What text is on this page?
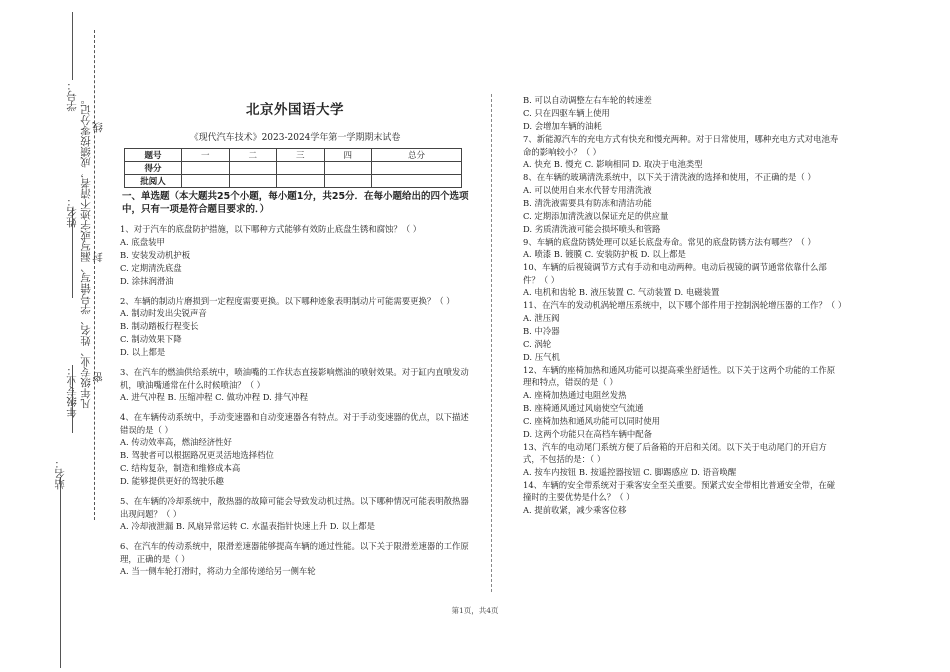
学号：
姓名：
年级专业：
站名：
凡年级专业、姓名、学号错写、漏写或字迹不清者，成绩按零分记。 密
封
线
北京外国语大学
《现代汽车技术》2023-2024学年第一学期期末试卷
题号	一	二	三	四	总分
得分					
批阅人					
一、单选题（本大题共25个小题，每小题1分，共25分．在每小题给出的四个选项中，只有一项是符合题目要求的．）
1、对于汽车的底盘防护措施，以下哪种方式能够有效防止底盘生锈和腐蚀？（ ）
A. 底盘装甲
B. 安装发动机护板
C. 定期清洗底盘
D. 涂抹润滑油
2、车辆的制动片磨损到一定程度需要更换。以下哪种迹象表明制动片可能需要更换？（ ）
A. 制动时发出尖锐声音
B. 制动踏板行程变长
C. 制动效果下降
D. 以上都是
3、在汽车的燃油供给系统中，喷油嘴的工作状态直接影响燃油的喷射效果。对于缸内直喷发动机，喷油嘴通常在什么时候喷油？（ ）
A. 进气冲程 B. 压缩冲程 C. 做功冲程 D. 排气冲程
4、在车辆传动系统中，手动变速器和自动变速器各有特点。对于手动变速器的优点，以下描述错误的是（ ）
A. 传动效率高，燃油经济性好
B. 驾驶者可以根据路况更灵活地选择档位
C. 结构复杂，制造和维修成本高
D. 能够提供更好的驾驶乐趣
5、在车辆的冷却系统中，散热器的故障可能会导致发动机过热。以下哪种情况可能表明散热器出现问题？（ ）
A. 冷却液泄漏 B. 风扇异常运转 C. 水温表指针快速上升 D. 以上都是
6、在汽车的传动系统中，限滑差速器能够提高车辆的通过性能。以下关于限滑差速器的工作原理，正确的是（ ）
A. 当一侧车轮打滑时，将动力全部传递给另一侧车轮
B. 可以自动调整左右车轮的转速差
C. 只在四驱车辆上使用
D. 会增加车辆的油耗
7、新能源汽车的充电方式有快充和慢充两种。对于日常使用，哪种充电方式对电池寿命的影响较小？（ ）
A. 快充 B. 慢充 C. 影响相同 D. 取决于电池类型
8、在车辆的玻璃清洗系统中，以下关于清洗液的选择和使用，不正确的是（ ）
A. 可以使用自来水代替专用清洗液
B. 清洗液需要具有防冻和清洁功能
C. 定期添加清洗液以保证充足的供应量
D. 劣质清洗液可能会损坏喷头和管路
9、车辆的底盘防锈处理可以延长底盘寿命。常见的底盘防锈方法有哪些？（ ）
A. 喷漆 B. 镀膜 C. 安装防护板 D. 以上都是
10、车辆的后视镜调节方式有手动和电动两种。电动后视镜的调节通常依靠什么部件？（ ）
A. 电机和齿轮 B. 液压装置 C. 气动装置 D. 电磁装置
11、在汽车的发动机涡轮增压系统中，以下哪个部件用于控制涡轮增压器的工作？（ ）
A. 泄压阀
B. 中冷器
C. 涡轮
D. 压气机
12、车辆的座椅加热和通风功能可以提高乘坐舒适性。以下关于这两个功能的工作原理和特点，错误的是（ ）
A. 座椅加热通过电阻丝发热
B. 座椅通风通过风扇使空气流通
C. 座椅加热和通风功能可以同时使用
D. 这两个功能只在高档车辆中配备
13、汽车的电动尾门系统方便了后备箱的开启和关闭。以下关于电动尾门的开启方式，不包括的是：（ ）
A. 按车内按钮 B. 按遥控器按钮 C. 脚踢感应 D. 语音唤醒
14、车辆的安全带系统对于乘客安全至关重要。预紧式安全带相比普通安全带，在碰撞时的主要优势是什么？（ ）
A. 提前收紧，减少乘客位移
第1页，共4页
